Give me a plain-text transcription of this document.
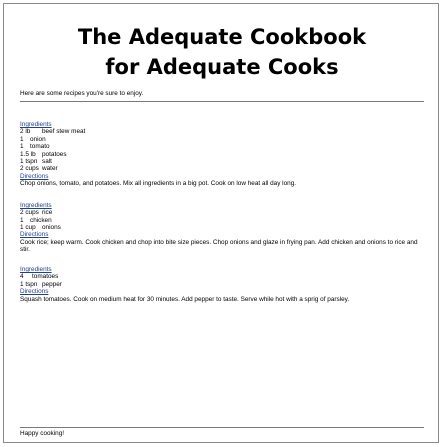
The Adequate Cookbook
for Adequate Cooks
Here are some recipes you're sure to enjoy.
Ingredients
2 lb	beef stew meat
1	onion
1	tomato
1.5 lb potatoes
1 tspn salt
2 cups water
Directions
Chop onions, tomato, and potatoes. Mix all ingredients in a big pot. Cook on low heat all day long.
Ingredients
2 cups rice
1	chicken
1 cup onions
Directions
Cook rice; keep warm. Cook chicken and chop into bite size pieces. Chop onions and glaze in frying pan. Add chicken and onions to rice and stir.
Ingredients
4	tomatoes
1 tspn pepper
Directions
Squash tomatoes. Cook on medium heat for 30 minutes. Add pepper to taste. Serve while hot with a sprig of parsley.
Happy cooking!
